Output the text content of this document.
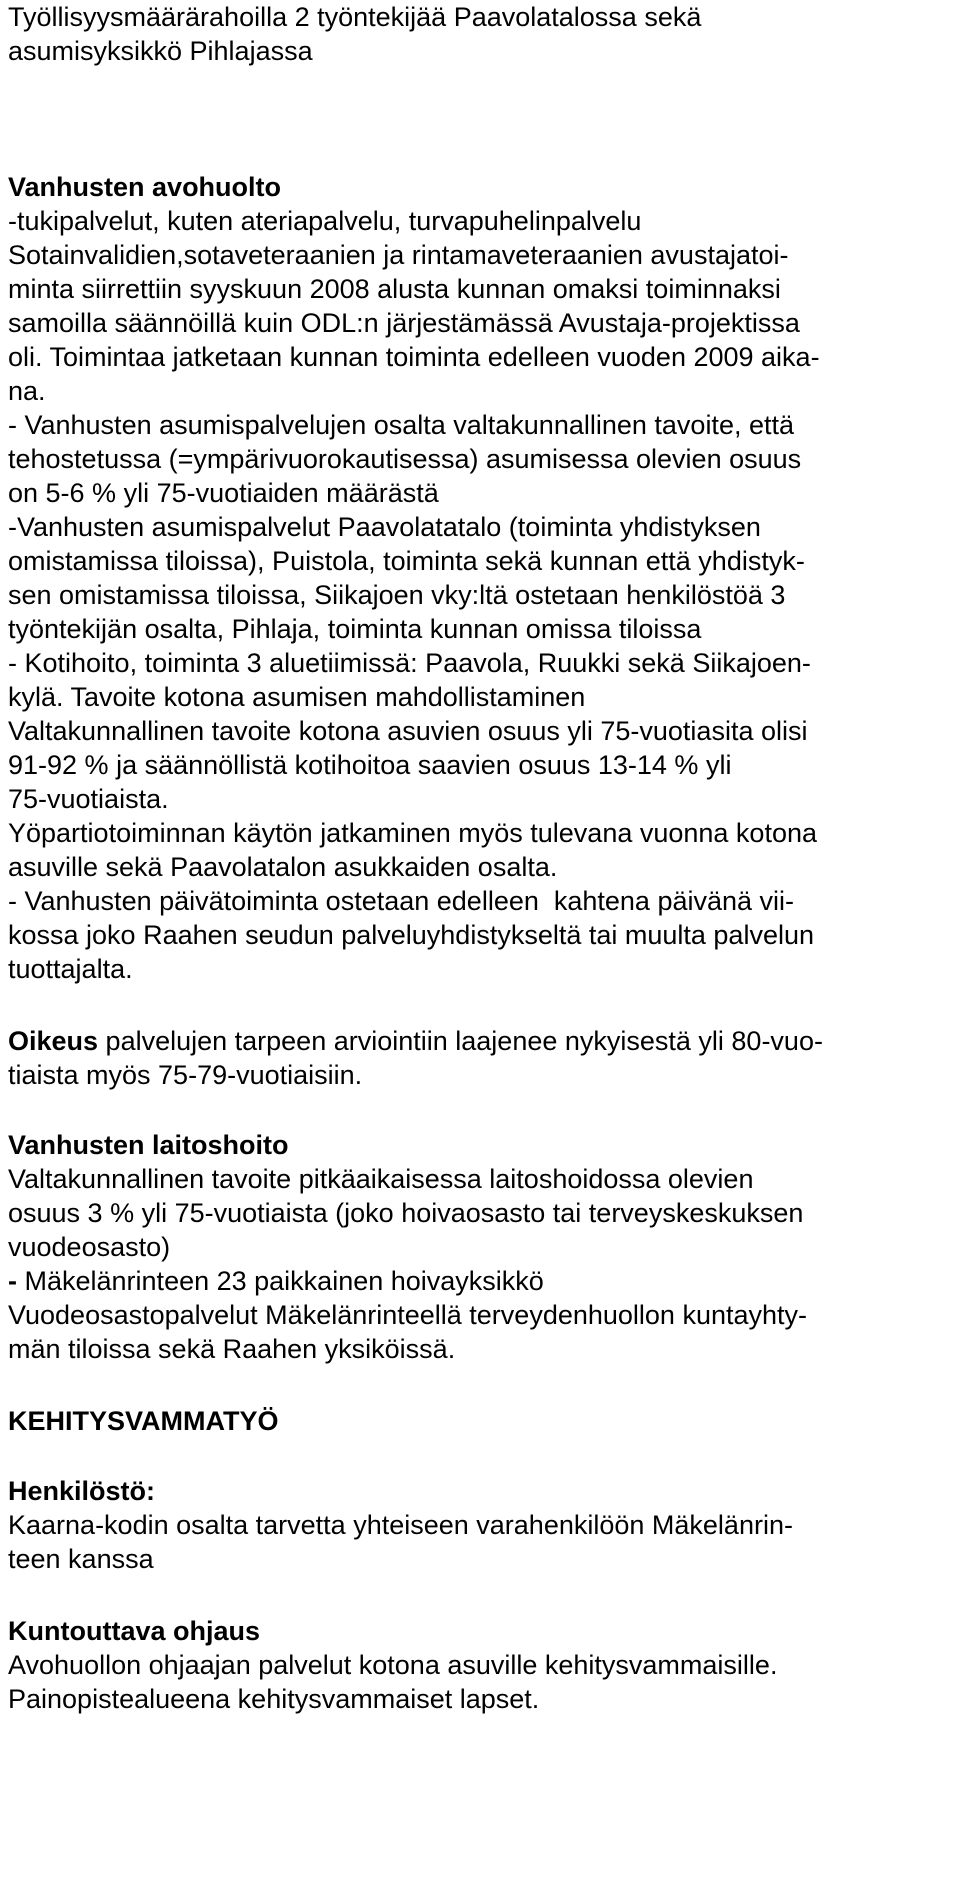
Työllisyysmäärärahoilla 2 työntekijää Paavolatalossa sekä

asumisyksikkö Pihlajassa

Vanhusten avohuolto

-tukipalvelut, kuten ateriapalvelu, turvapuhelinpalvelu

Sotainvalidien,sotaveteraanien ja rintamaveteraanien avustajatoi-

minta siirrettiin syyskuun 2008 alusta kunnan omaksi toiminnaksi

samoilla säännöillä kuin ODL:n järjestämässä Avustaja-projektissa

oli. Toimintaa jatketaan kunnan toiminta edelleen vuoden 2009 aika-

na.

- Vanhusten asumispalvelujen osalta valtakunnallinen tavoite, että

tehostetussa (=ympärivuorokautisessa) asumisessa olevien osuus

on 5-6 % yli 75-vuotiaiden määrästä

-Vanhusten asumispalvelut Paavolatatalo (toiminta yhdistyksen

omistamissa tiloissa), Puistola, toiminta sekä kunnan että yhdistyk-

sen omistamissa tiloissa, Siikajoen vky:ltä ostetaan henkilöstöä 3

työntekijän osalta, Pihlaja, toiminta kunnan omissa tiloissa

- Kotihoito, toiminta 3 aluetiimissä: Paavola, Ruukki sekä Siikajoen-

kylä. Tavoite kotona asumisen mahdollistaminen

Valtakunnallinen tavoite kotona asuvien osuus yli 75-vuotiasita olisi

91-92 % ja säännöllistä kotihoitoa saavien osuus 13-14 % yli

75-vuotiaista.

Yöpartiotoiminnan käytön jatkaminen myös tulevana vuonna kotona

asuville sekä Paavolatalon asukkaiden osalta.

- Vanhusten päivätoiminta ostetaan edelleen  kahtena päivänä vii-

kossa joko Raahen seudun palveluyhdistykseltä tai muulta palvelun

tuottajalta.

Oikeus palvelujen tarpeen arviointiin laajenee nykyisestä yli 80-vuo-

tiaista myös 75-79-vuotiaisiin.

Vanhusten laitoshoito

Valtakunnallinen tavoite pitkäaikaisessa laitoshoidossa olevien

osuus 3 % yli 75-vuotiaista (joko hoivaosasto tai terveyskeskuksen

vuodeosasto)

- Mäkelänrinteen 23 paikkainen hoivayksikkö

Vuodeosastopalvelut Mäkelänrinteellä terveydenhuollon kuntayhty-

män tiloissa sekä Raahen yksiköissä.

KEHITYSVAMMATYÖ

Henkilöstö:

Kaarna-kodin osalta tarvetta yhteiseen varahenkilöön Mäkelänrin-

teen kanssa

Kuntouttava ohjaus

Avohuollon ohjaajan palvelut kotona asuville kehitysvammaisille.

Painopistealueena kehitysvammaiset lapset.
